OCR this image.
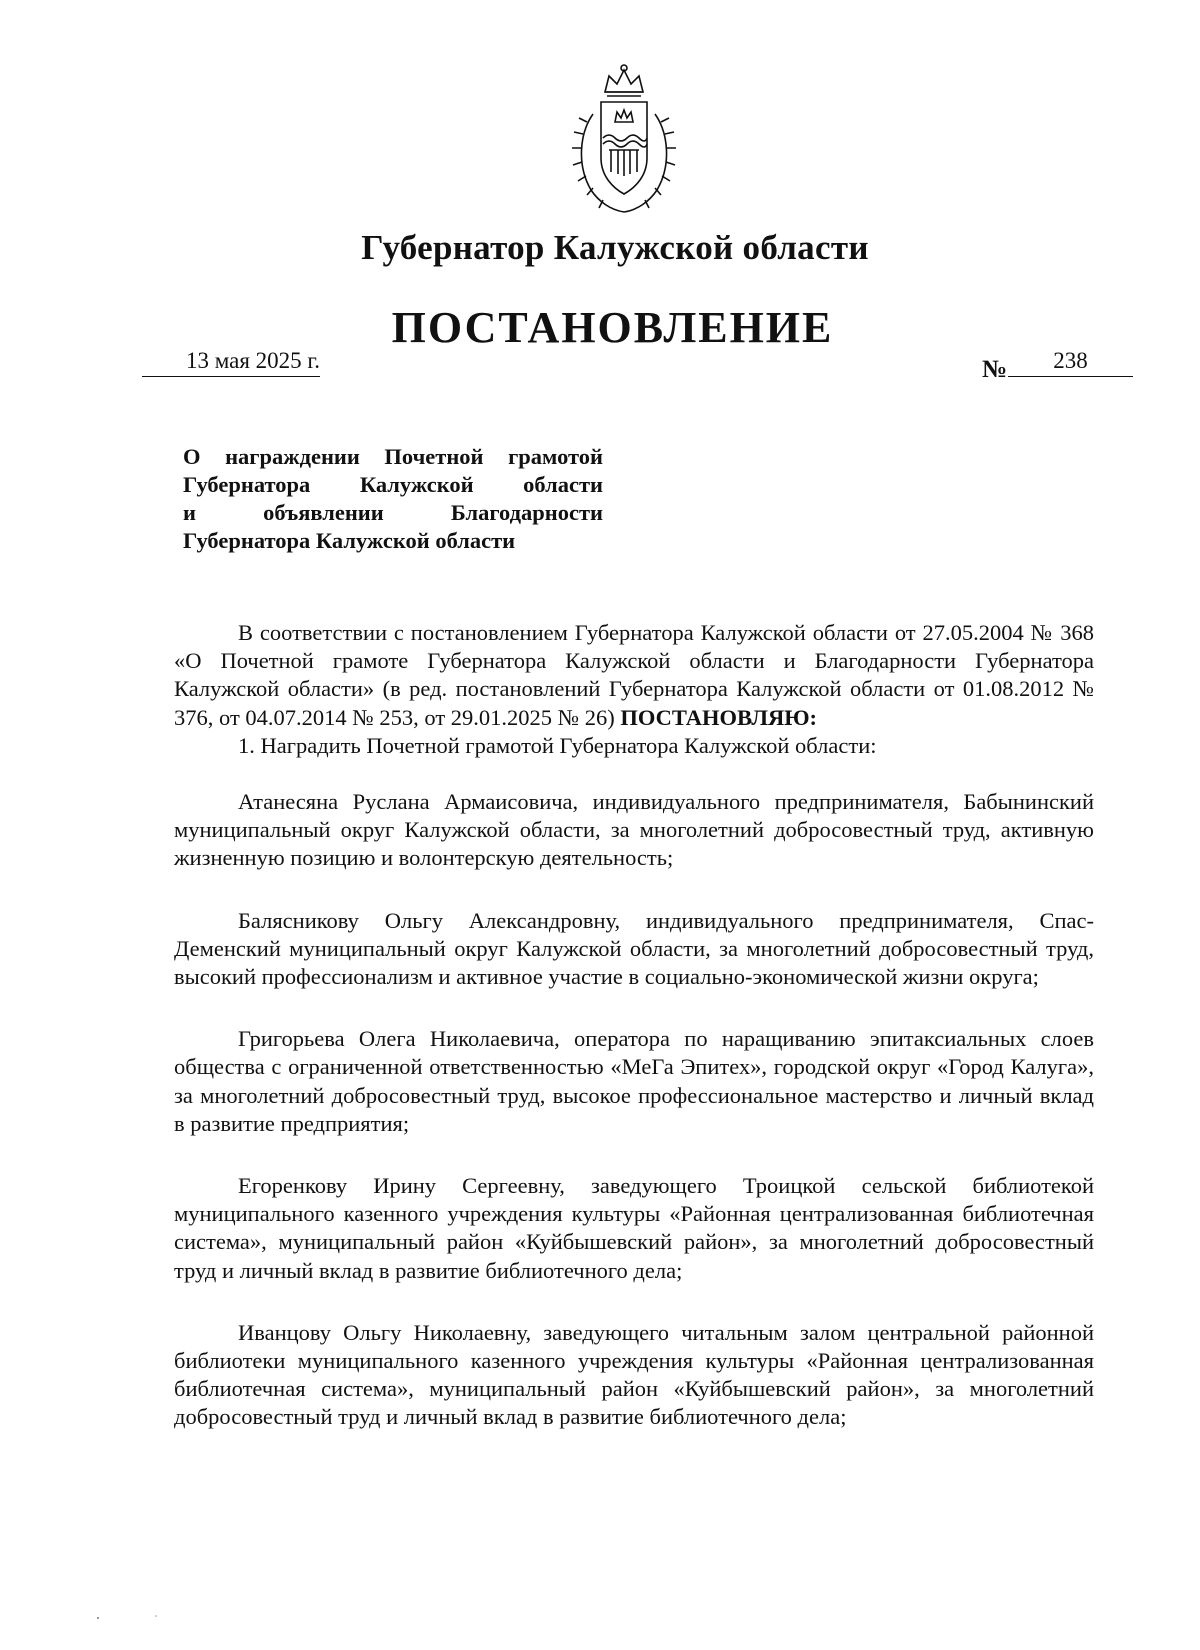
Губернатор Калужской области
ПОСТАНОВЛЕНИЕ
13 мая 2025 г.	№	238
О награждении Почетной грамотой
Губернатора Калужской области
и объявлении Благодарности
Губернатора Калужской области

В соответствии с постановлением Губернатора Калужской области от 27.05.2004 № 368 «О Почетной грамоте Губернатора Калужской области и Благодарности Губернатора Калужской области» (в ред. постановлений Губернатора Калужской области от 01.08.2012 № 376, от 04.07.2014 № 253, от 29.01.2025 № 26) ПОСТАНОВЛЯЮ:

1. Наградить Почетной грамотой Губернатора Калужской области:

Атанесяна Руслана Армаисовича, индивидуального предпринимателя, Бабынинский муниципальный округ Калужской области, за многолетний добросовестный труд, активную жизненную позицию и волонтерскую деятельность;

Балясникову Ольгу Александровну, индивидуального предпринимателя, Спас-Деменский муниципальный округ Калужской области, за многолетний добросовестный труд, высокий профессионализм и активное участие в социально-экономической жизни округа;

Григорьева Олега Николаевича, оператора по наращиванию эпитаксиальных слоев общества с ограниченной ответственностью «МеГа Эпитех», городской округ «Город Калуга», за многолетний добросовестный труд, высокое профессиональное мастерство и личный вклад в развитие предприятия;

Егоренкову Ирину Сергеевну, заведующего Троицкой сельской библиотекой муниципального казенного учреждения культуры «Районная централизованная библиотечная система», муниципальный район «Куйбышевский район», за многолетний добросовестный труд и личный вклад в развитие библиотечного дела;

Иванцову Ольгу Николаевну, заведующего читальным залом центральной районной библиотеки муниципального казенного учреждения культуры «Районная централизованная библиотечная система», муниципальный район «Куйбышевский район», за многолетний добросовестный труд и личный вклад в развитие библиотечного дела;
